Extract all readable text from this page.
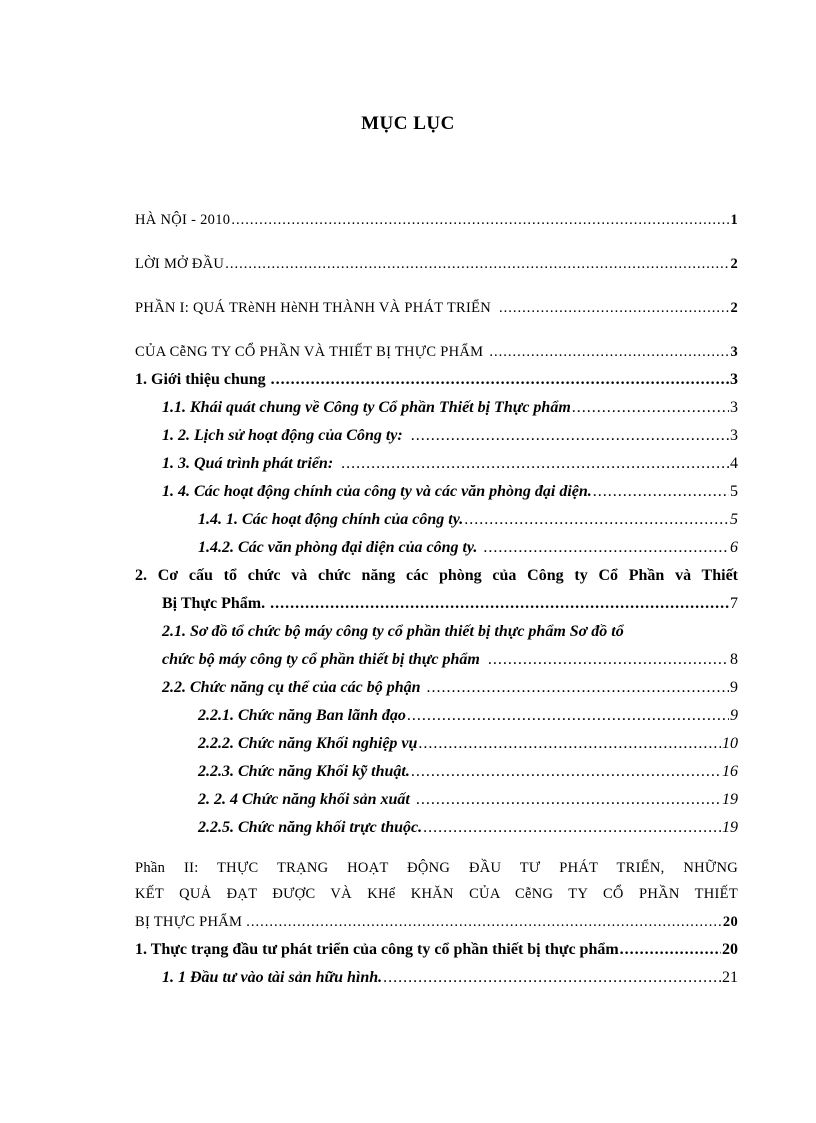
MỤC LỤC
HÀ NỘI - 2010 .....	1
LỜI MỞ ĐẦU .....	2
PHẦN I: QUÁ TRèNH HèNH THÀNH VÀ PHÁT TRIỂN .....	2
CỦA CễNG TY CỔ PHẦN VÀ THIẾT BỊ THỰC PHẨM .....	3
1. Giới thiệu chung .....	3
1.1. Khái quát chung về Công ty Cổ phần Thiết bị Thực phẩm .....	3
1. 2. Lịch sử hoạt động của Công ty: .....	3
1. 3. Quá trình phát triển: .....	4
1. 4. Các hoạt động chính của công ty và các văn phòng đại diện. .....	5
1.4. 1. Các hoạt động chính của công ty. .....	5
1.4.2. Các văn phòng đại diện của công ty. .....	6
2. Cơ cấu tổ chức và chức năng các phòng của Công ty Cổ Phần và Thiết
Bị Thực Phẩm. .....	7
2.1. Sơ đồ tổ chức bộ máy công ty cổ phần thiết bị thực phẩm Sơ đồ tổ
chức bộ máy công ty cổ phần thiết bị thực phẩm .....	8
2.2. Chức năng cụ thể của các bộ phận .....	9
2.2.1. Chức năng Ban lãnh đạo .....	9
2.2.2. Chức năng Khối nghiệp vụ .....	10
2.2.3. Chức năng Khối kỹ thuật. .....	16
2. 2. 4 Chức năng khối sản xuất .....	19
2.2.5. Chức năng khối trực thuộc. .....	19
Phần II: THỰC TRẠNG HOẠT ĐỘNG ĐẦU TƯ PHÁT TRIỂN, NHỮNG
KẾT QUẢ ĐẠT ĐƯỢC VÀ KHể KHĂN CỦA CễNG TY CỔ PHẦN THIẾT
BỊ THỰC PHẨM .....	20
1. Thực trạng đầu tư phát triển của công ty cổ phần thiết bị thực phẩm .....	20
1. 1 Đầu tư vào tài sản hữu hình. .....	21
